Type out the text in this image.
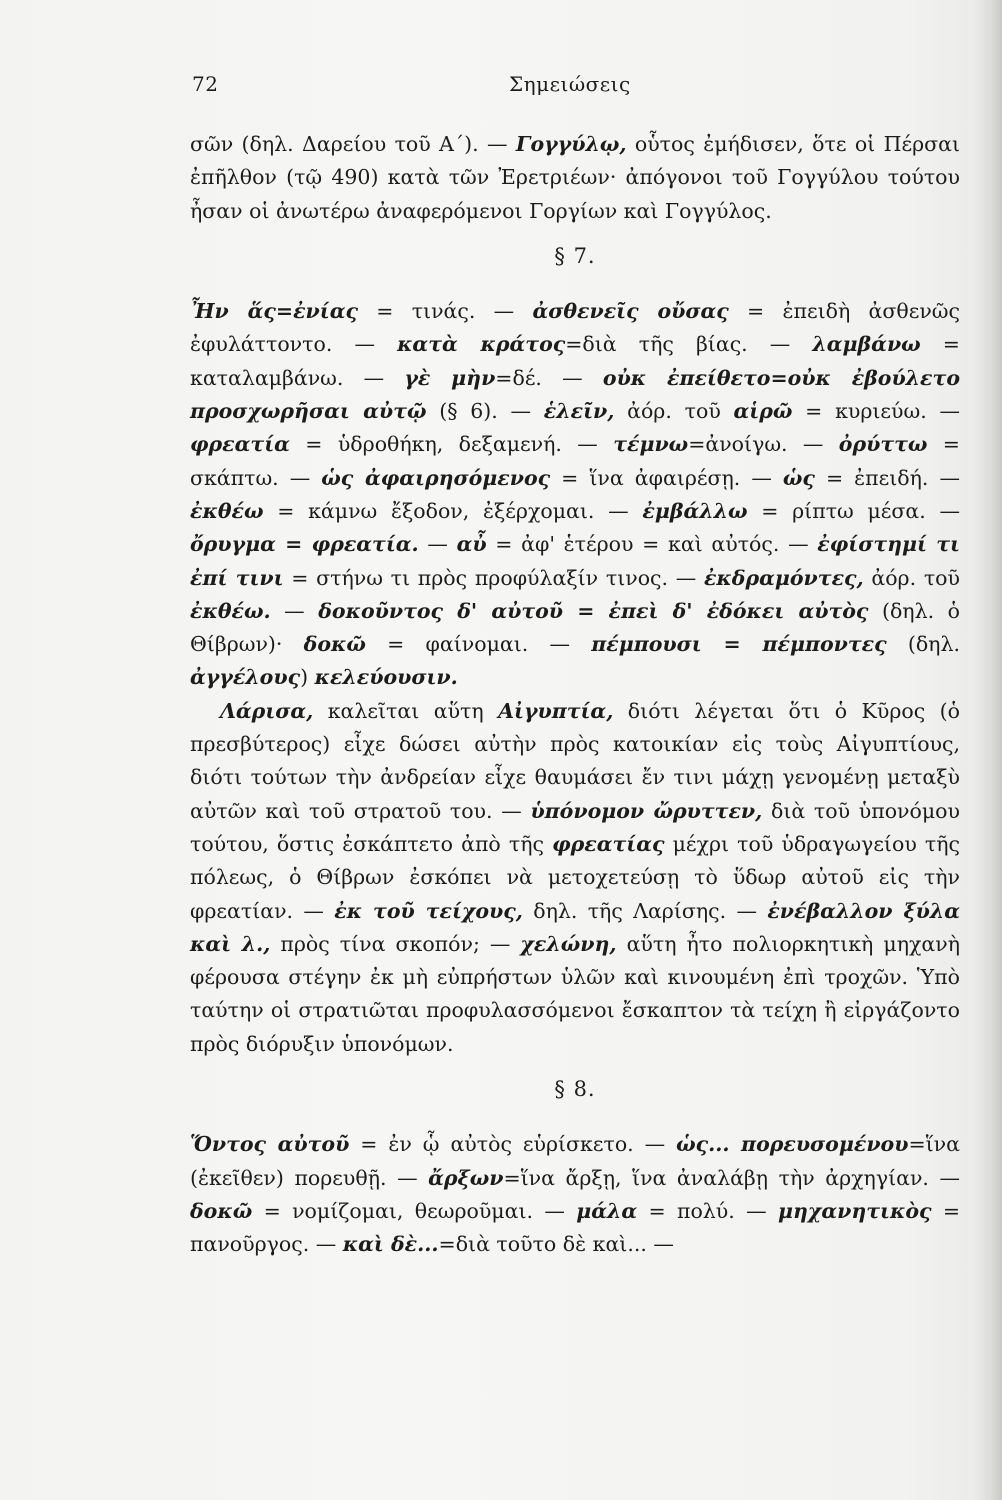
72	Σημειώσεις

σῶν (δηλ. Δαρείου τοῦ Α΄). — Γογγύλῳ, οὗτος ἐμήδισεν, ὅτε οἱ Πέρσαι ἐπῆλθον (τῷ 490) κατὰ τῶν Ἐρετριέων· ἀπόγονοι τοῦ Γογγύλου τούτου ἦσαν οἱ ἀνωτέρω ἀναφερόμενοι Γοργίων καὶ Γογγύλος.

§ 7.

Ἦν ἅς=ἐνίας = τινάς. — ἀσθενεῖς οὔσας = ἐπειδὴ ἀσθενῶς ἐφυλάττοντο. — κατὰ κράτος=διὰ τῆς βίας. — λαμβάνω = καταλαμβάνω. — γὲ μὴν=δέ. — οὐκ ἐπείθετο=οὐκ ἐβούλετο προσχωρῆσαι αὐτῷ (§ 6). — ἑλεῖν, ἀόρ. τοῦ αἱρῶ = κυριεύω. — φρεατία = ὑδροθήκη, δεξαμενή. — τέμνω=ἀνοίγω. — ὀρύττω = σκάπτω. — ὡς ἀφαιρησόμενος = ἵνα ἀφαιρέσῃ. — ὡς = ἐπειδή. — ἐκθέω = κάμνω ἔξοδον, ἐξέρχομαι. — ἐμβάλλω = ρίπτω μέσα. — ὄρυγμα = φρεατία. — αὖ = ἀφ' ἑτέρου = καὶ αὐτός. — ἐφίστημί τι ἐπί τινι = στήνω τι πρὸς προφύλαξίν τινος. — ἐκδραμόντες, ἀόρ. τοῦ ἐκθέω. — δοκοῦντος δ' αὐτοῦ = ἐπεὶ δ' ἐδόκει αὐτὸς (δηλ. ὁ Θίβρων)· δοκῶ = φαίνομαι. — πέμπουσι = πέμποντες (δηλ. ἀγγέλους) κελεύουσιν.

Λάρισα, καλεῖται αὕτη Αἰγυπτία, διότι λέγεται ὅτι ὁ Κῦρος (ὁ πρεσβύτερος) εἶχε δώσει αὐτὴν πρὸς κατοικίαν εἰς τοὺς Αἰγυπτίους, διότι τούτων τὴν ἀνδρείαν εἶχε θαυμάσει ἔν τινι μάχῃ γενομένῃ μεταξὺ αὐτῶν καὶ τοῦ στρατοῦ του. — ὑπόνομον ὤρυττεν, διὰ τοῦ ὑπονόμου τούτου, ὅστις ἐσκάπτετο ἀπὸ τῆς φρεατίας μέχρι τοῦ ὑδραγωγείου τῆς πόλεως, ὁ Θίβρων ἐσκόπει νὰ μετοχετεύσῃ τὸ ὕδωρ αὐτοῦ εἰς τὴν φρεατίαν. — ἐκ τοῦ τείχους, δηλ. τῆς Λαρίσης. — ἐνέβαλλον ξύλα καὶ λ., πρὸς τίνα σκοπόν; — χελώνη, αὕτη ἦτο πολιορκητικὴ μηχανὴ φέρουσα στέγην ἐκ μὴ εὐπρήστων ὑλῶν καὶ κινουμένη ἐπὶ τροχῶν. Ὑπὸ ταύτην οἱ στρατιῶται προφυλασσόμενοι ἔσκαπτον τὰ τείχη ἢ εἰργάζοντο πρὸς διόρυξιν ὑπονόμων.

§ 8.

Ὅντος αὐτοῦ = ἐν ᾧ αὐτὸς εὑρίσκετο. — ὡς... πορευσομένου=ἵνα (ἐκεῖθεν) πορευθῇ. — ἄρξων=ἵνα ἄρξῃ, ἵνα ἀναλάβῃ τὴν ἀρχηγίαν. — δοκῶ = νομίζομαι, θεωροῦμαι. — μάλα = πολύ. — μηχανητικὸς = πανοῦργος. — καὶ δὲ...=διὰ τοῦτο δὲ καὶ... —
